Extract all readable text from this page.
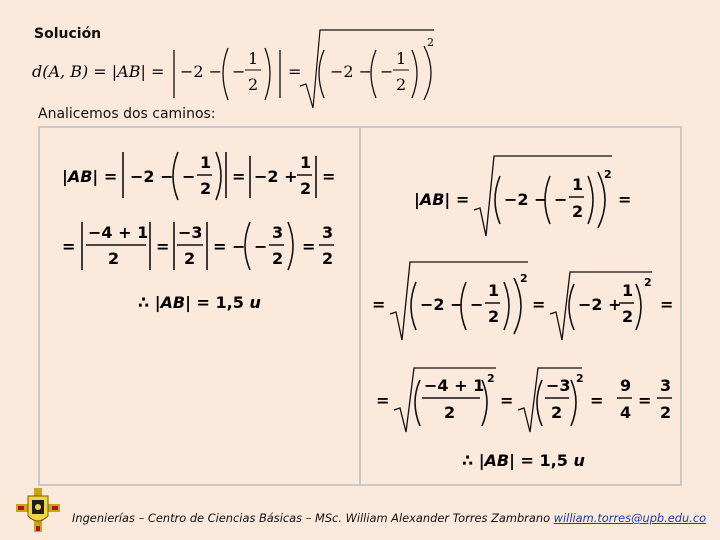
Solución
d(A, B) = |AB| = −2 − −
1
2
= −2 − −
1
2
2
Analicemos dos caminos:
|AB| = −2 − −
1
2
= −2 +
1
2
=
=
−4 + 1
2
=
−3
2
= − −
3
2
=
3
2
∴ |AB| = 1,5 u
|AB| = −2 − −
1
2
2
=
= −2 − −
1
2
2
= −2 +
1
2
2
=
=
−4 + 1
2
2
=
−3
2
2
=
9
4
=
3
2
∴ |AB| = 1,5 u
Ingenierías – Centro de Ciencias Básicas – MSc. William Alexander Torres Zambrano william.torres@upb.edu.co
